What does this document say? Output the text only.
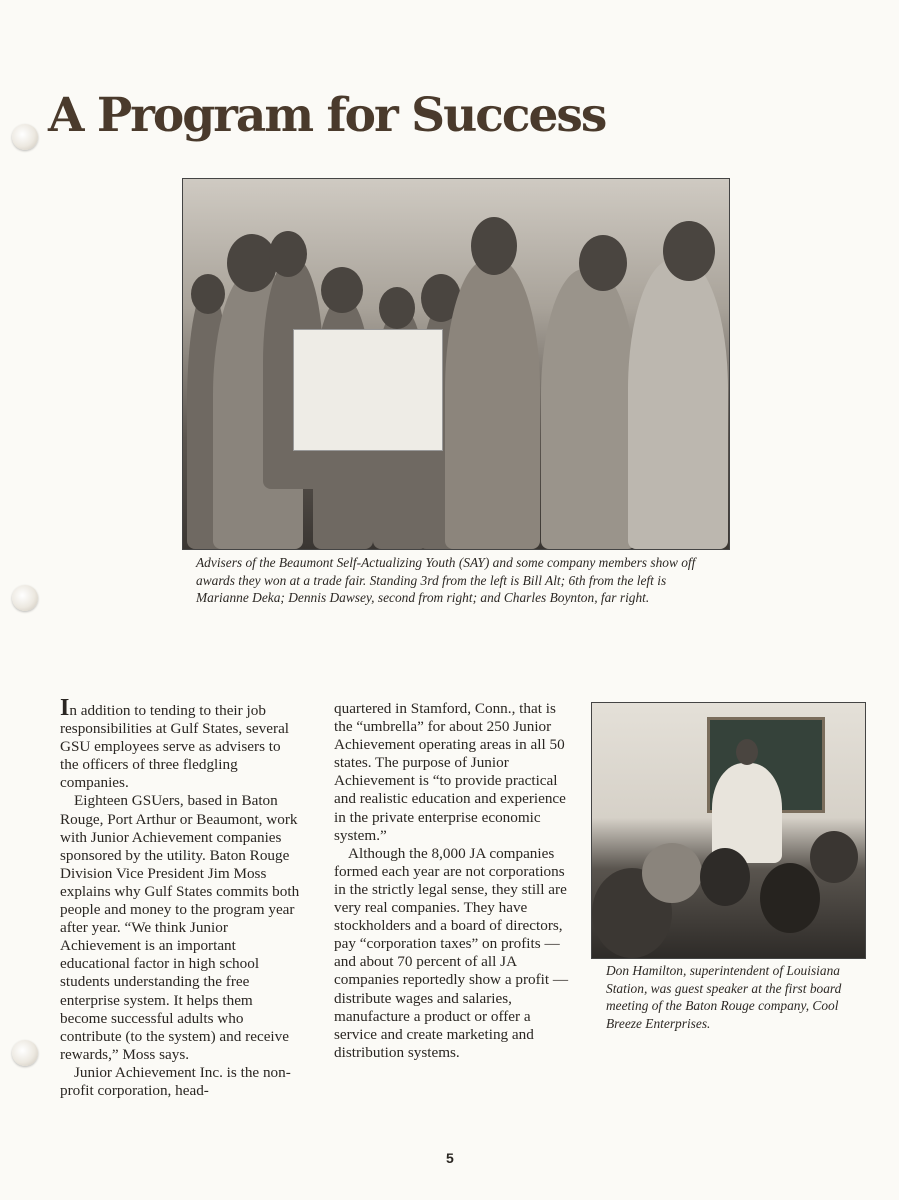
A Program for Success

Advisers of the Beaumont Self-Actualizing Youth (SAY) and some company members show off awards they won at a trade fair. Standing 3rd from the left is Bill Alt; 6th from the left is Marianne Deka; Dennis Dawsey, second from right; and Charles Boynton, far right.

In addition to tending to their job responsibilities at Gulf States, several GSU employees serve as advisers to the officers of three fledgling companies.

Eighteen GSUers, based in Baton Rouge, Port Arthur or Beaumont, work with Junior Achievement companies sponsored by the utility. Baton Rouge Division Vice President Jim Moss explains why Gulf States commits both people and money to the program year after year. “We think Junior Achievement is an important educational factor in high school students understanding the free enterprise system. It helps them become successful adults who contribute (to the system) and receive rewards,” Moss says.

Junior Achievement Inc. is the non-profit corporation, head-

quartered in Stamford, Conn., that is the “umbrella” for about 250 Junior Achievement operating areas in all 50 states. The purpose of Junior Achievement is “to provide practical and realistic education and experience in the private enterprise economic system.”

Although the 8,000 JA companies formed each year are not corporations in the strictly legal sense, they still are very real companies. They have stockholders and a board of directors, pay “corporation taxes” on profits — and about 70 percent of all JA companies reportedly show a profit — distribute wages and salaries, manufacture a product or offer a service and create marketing and distribution systems.

Don Hamilton, superintendent of Louisiana Station, was guest speaker at the first board meeting of the Baton Rouge company, Cool Breeze Enterprises.

5
